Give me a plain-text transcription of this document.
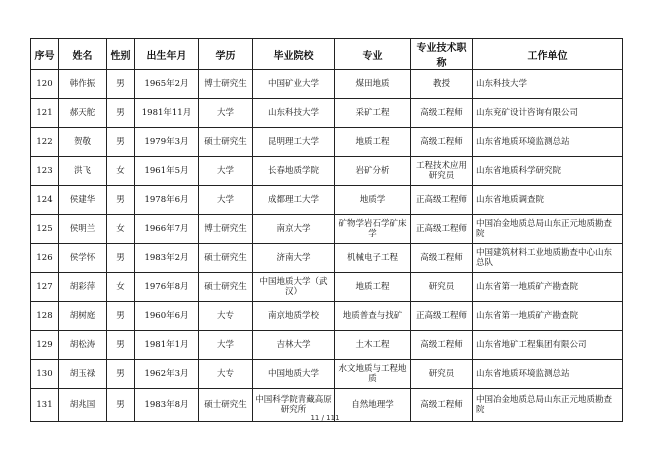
序号	姓名	性别	出生年月	学历	毕业院校	专业	专业技术职称	工作单位
120	韩作振	男	1965年2月	博士研究生	中国矿业大学	煤田地质	教授	山东科技大学
121	郝天舵	男	1981年11月	大学	山东科技大学	采矿工程	高级工程师	山东兖矿设计咨询有限公司
122	贺敬	男	1979年3月	硕士研究生	昆明理工大学	地质工程	高级工程师	山东省地质环境监测总站
123	洪飞	女	1961年5月	大学	长春地质学院	岩矿分析	工程技术应用研究员	山东省地质科学研究院
124	侯建华	男	1978年6月	大学	成都理工大学	地质学	正高级工程师	山东省地质调查院
125	侯明兰	女	1966年7月	博士研究生	南京大学	矿物学岩石学矿床学	正高级工程师	中国冶金地质总局山东正元地质勘查院
126	侯学怀	男	1983年2月	硕士研究生	济南大学	机械电子工程	高级工程师	中国建筑材料工业地质勘查中心山东总队
127	胡彩萍	女	1976年8月	硕士研究生	中国地质大学（武汉）	地质工程	研究员	山东省第一地质矿产勘查院
128	胡树庭	男	1960年6月	大专	南京地质学校	地质普查与找矿	正高级工程师	山东省第一地质矿产勘查院
129	胡松涛	男	1981年1月	大学	吉林大学	土木工程	高级工程师	山东省地矿工程集团有限公司
130	胡玉禄	男	1962年3月	大专	中国地质大学	水文地质与工程地质	研究员	山东省地质环境监测总站
131	胡兆国	男	1983年8月	硕士研究生	中国科学院青藏高原研究所	自然地理学	高级工程师	中国冶金地质总局山东正元地质勘查院
11 / 111
